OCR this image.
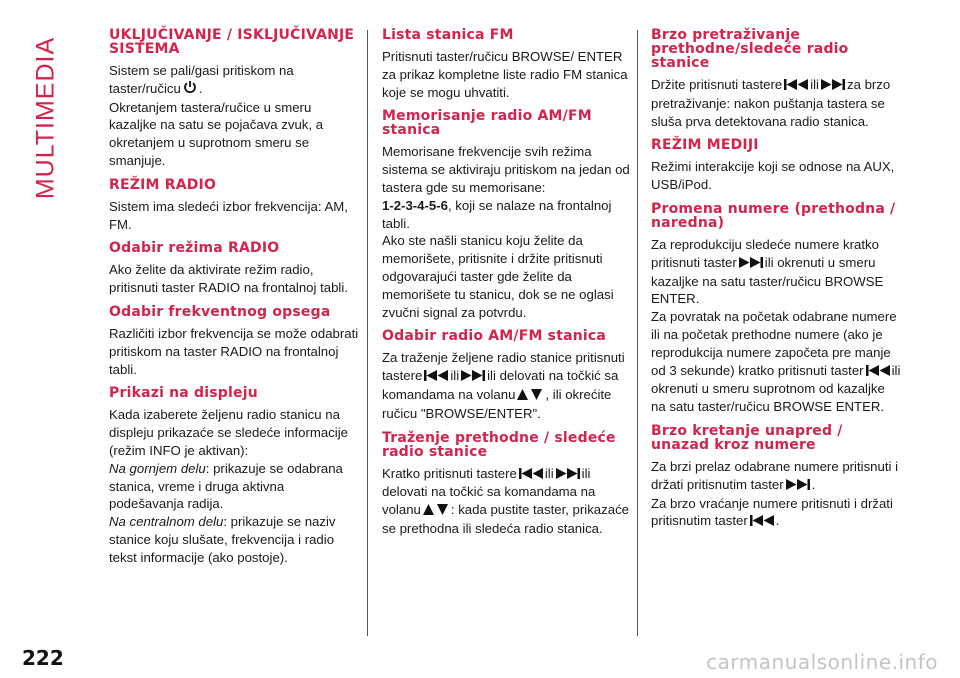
MULTIMEDIA
UKLJUČIVANJE / ISKLJUČIVANJE SISTEMA

Sistem se pali/gasi pritiskom na taster/ručicu .

Okretanjem tastera/ručice u smeru kazaljke na satu se pojačava zvuk, a okretanjem u suprotnom smeru se smanjuje.

REŽIM RADIO

Sistem ima sledeći izbor frekvencija: AM, FM.

Odabir režima RADIO

Ako želite da aktivirate režim radio, pritisnuti taster RADIO na frontalnoj tabli.

Odabir frekventnog opsega

Različiti izbor frekvencija se može odabrati pritiskom na taster RADIO na frontalnoj tabli.

Prikazi na displeju

Kada izaberete željenu radio stanicu na displeju prikazaće se sledeće informacije (režim INFO je aktivan):

Na gornjem delu: prikazuje se odabrana stanica, vreme i druga aktivna podešavanja radija.

Na centralnom delu: prikazuje se naziv stanice koju slušate, frekvencija i radio tekst informacije (ako postoje).

Lista stanica FM

Pritisnuti taster/ručicu BROWSE/ ENTER za prikaz kompletne liste radio FM stanica koje se mogu uhvatiti.

Memorisanje radio AM/FM stanica

Memorisane frekvencije svih režima sistema se aktiviraju pritiskom na jedan od tastera gde su memorisane:

1-2-3-4-5-6, koji se nalaze na frontalnoj tabli.

Ako ste našli stanicu koju želite da memorišete, pritisnite i držite pritisnuti odgovarajući taster gde želite da memorišete tu stanicu, dok se ne oglasi zvučni signal za potvrdu.

Odabir radio AM/FM stanica

Za traženje željene radio stanice pritisnuti tastere ili ili delovati na točkić sa komandama na volanu , ili okrećite ručicu "BROWSE/ENTER".

Traženje prethodne / sledeće radio stanice

Kratko pritisnuti tastere ili ili delovati na točkić sa komandama na volanu : kada pustite taster, prikazaće se prethodna ili sledeća radio stanica.

Brzo pretraživanje prethodne/sledeće radio stanice

Držite pritisnuti tastere ili za brzo pretraživanje: nakon puštanja tastera se sluša prva detektovana radio stanica.

REŽIM MEDIJI

Režimi interakcije koji se odnose na AUX, USB/iPod.

Promena numere (prethodna / naredna)

Za reprodukciju sledeće numere kratko pritisnuti taster ili okrenuti u smeru kazaljke na satu taster/ručicu BROWSE ENTER.

Za povratak na početak odabrane numere ili na početak prethodne numere (ako je reprodukcija numere započeta pre manje od 3 sekunde) kratko pritisnuti taster ili okrenuti u smeru suprotnom od kazaljke na satu taster/ručicu BROWSE ENTER.

Brzo kretanje unapred / unazad kroz numere

Za brzi prelaz odabrane numere pritisnuti i držati pritisnutim taster .

Za brzo vraćanje numere pritisnuti i držati pritisnutim taster .

222	carmanualsonline.info
